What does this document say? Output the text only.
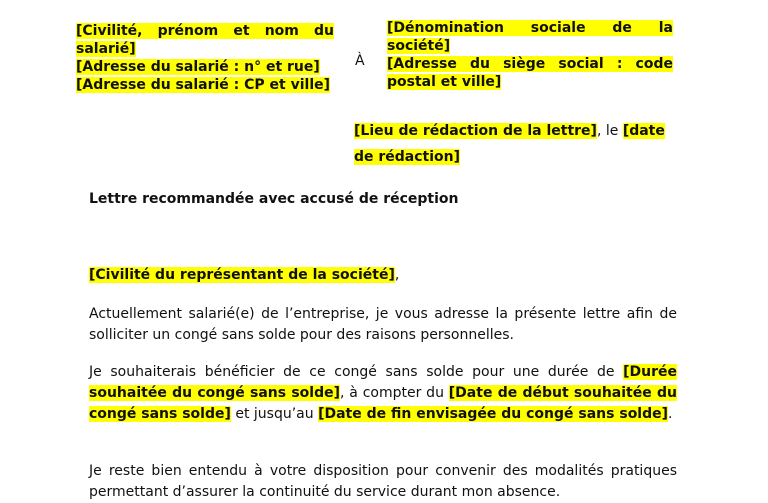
[Civilité, prénom et nom du salarié]
[Adresse du salarié : n° et rue]
[Adresse du salarié : CP et ville]
À
[Dénomination sociale de la société]
[Adresse du siège social : code postal et ville]
[Lieu de rédaction de la lettre], le [date de rédaction]
Lettre recommandée avec accusé de réception
[Civilité du représentant de la société],
Actuellement salarié(e) de l’entreprise, je vous adresse la présente lettre afin de solliciter un congé sans solde pour des raisons personnelles.
Je souhaiterais bénéficier de ce congé sans solde pour une durée de [Durée souhaitée du congé sans solde], à compter du [Date de début souhaitée du congé sans solde] et jusqu’au [Date de fin envisagée du congé sans solde].
Je reste bien entendu à votre disposition pour convenir des modalités pratiques permettant d’assurer la continuité du service durant mon absence.
